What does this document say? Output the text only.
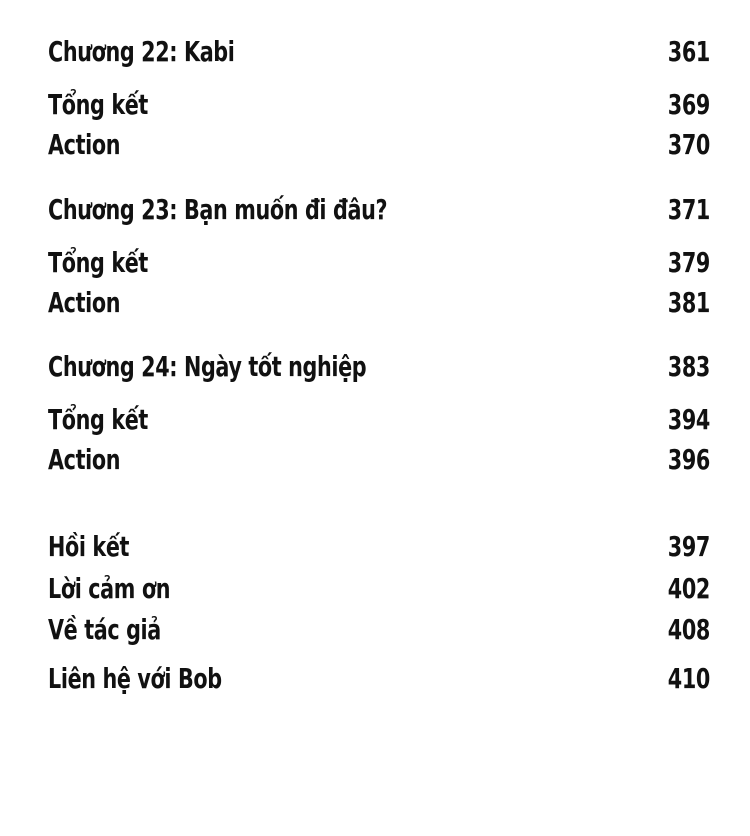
Chương 22: Kabi	361
Tổng kết	369
Action	370
Chương 23: Bạn muốn đi đâu?	371
Tổng kết	379
Action	381
Chương 24: Ngày tốt nghiệp	383
Tổng kết	394
Action	396
Hồi kết	397
Lời cảm ơn	402
Về tác giả	408
Liên hệ với Bob	410
